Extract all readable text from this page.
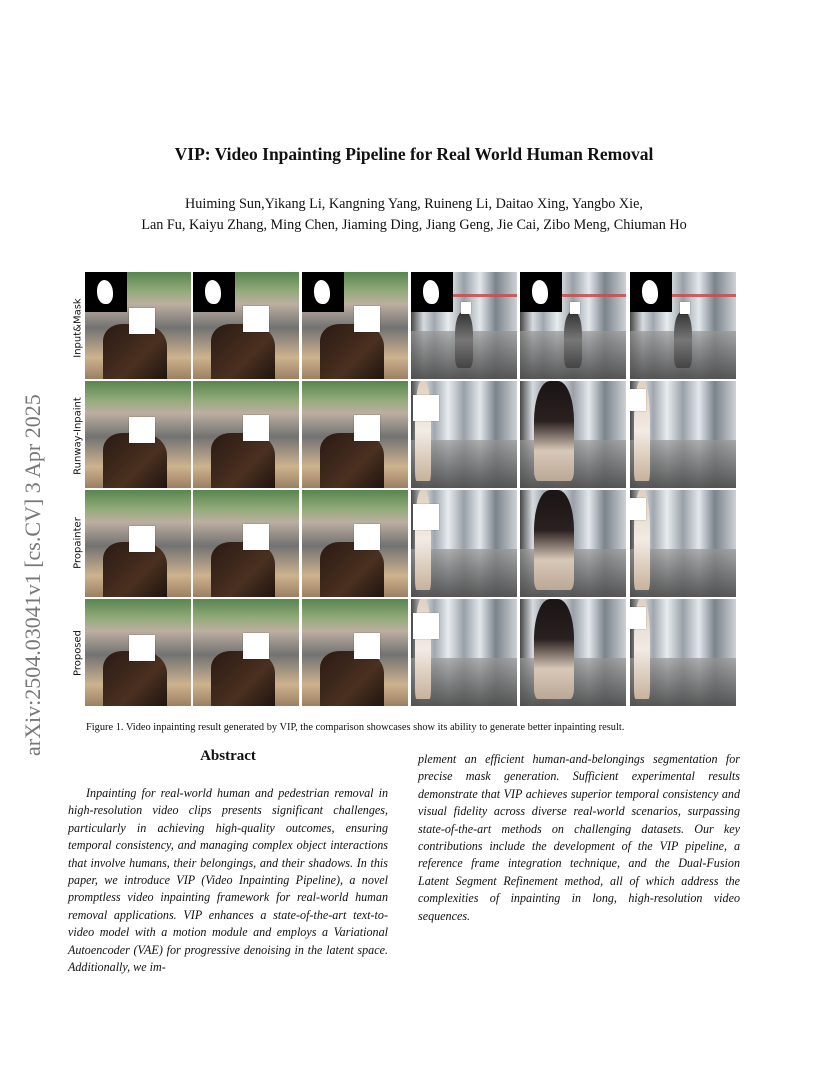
arXiv:2504.03041v1 [cs.CV] 3 Apr 2025
VIP: Video Inpainting Pipeline for Real World Human Removal
Huiming Sun,Yikang Li, Kangning Yang, Ruineng Li, Daitao Xing, Yangbo Xie,
Lan Fu, Kaiyu Zhang, Ming Chen, Jiaming Ding, Jiang Geng, Jie Cai, Zibo Meng, Chiuman Ho
Input&Mask
Runway-Inpaint
Propainter
Proposed
Figure 1. Video inpainting result generated by VIP, the comparison showcases show its ability to generate better inpainting result.
Abstract
Inpainting for real-world human and pedestrian removal in high-resolution video clips presents significant challenges, particularly in achieving high-quality outcomes, ensuring temporal consistency, and managing complex object interactions that involve humans, their belongings, and their shadows. In this paper, we introduce VIP (Video Inpainting Pipeline), a novel promptless video inpainting framework for real-world human removal applications. VIP enhances a state-of-the-art text-to-video model with a motion module and employs a Variational Autoencoder (VAE) for progressive denoising in the latent space. Additionally, we im-
plement an efficient human-and-belongings segmentation for precise mask generation. Sufficient experimental results demonstrate that VIP achieves superior temporal consistency and visual fidelity across diverse real-world scenarios, surpassing state-of-the-art methods on challenging datasets. Our key contributions include the development of the VIP pipeline, a reference frame integration technique, and the Dual-Fusion Latent Segment Refinement method, all of which address the complexities of inpainting in long, high-resolution video sequences.
